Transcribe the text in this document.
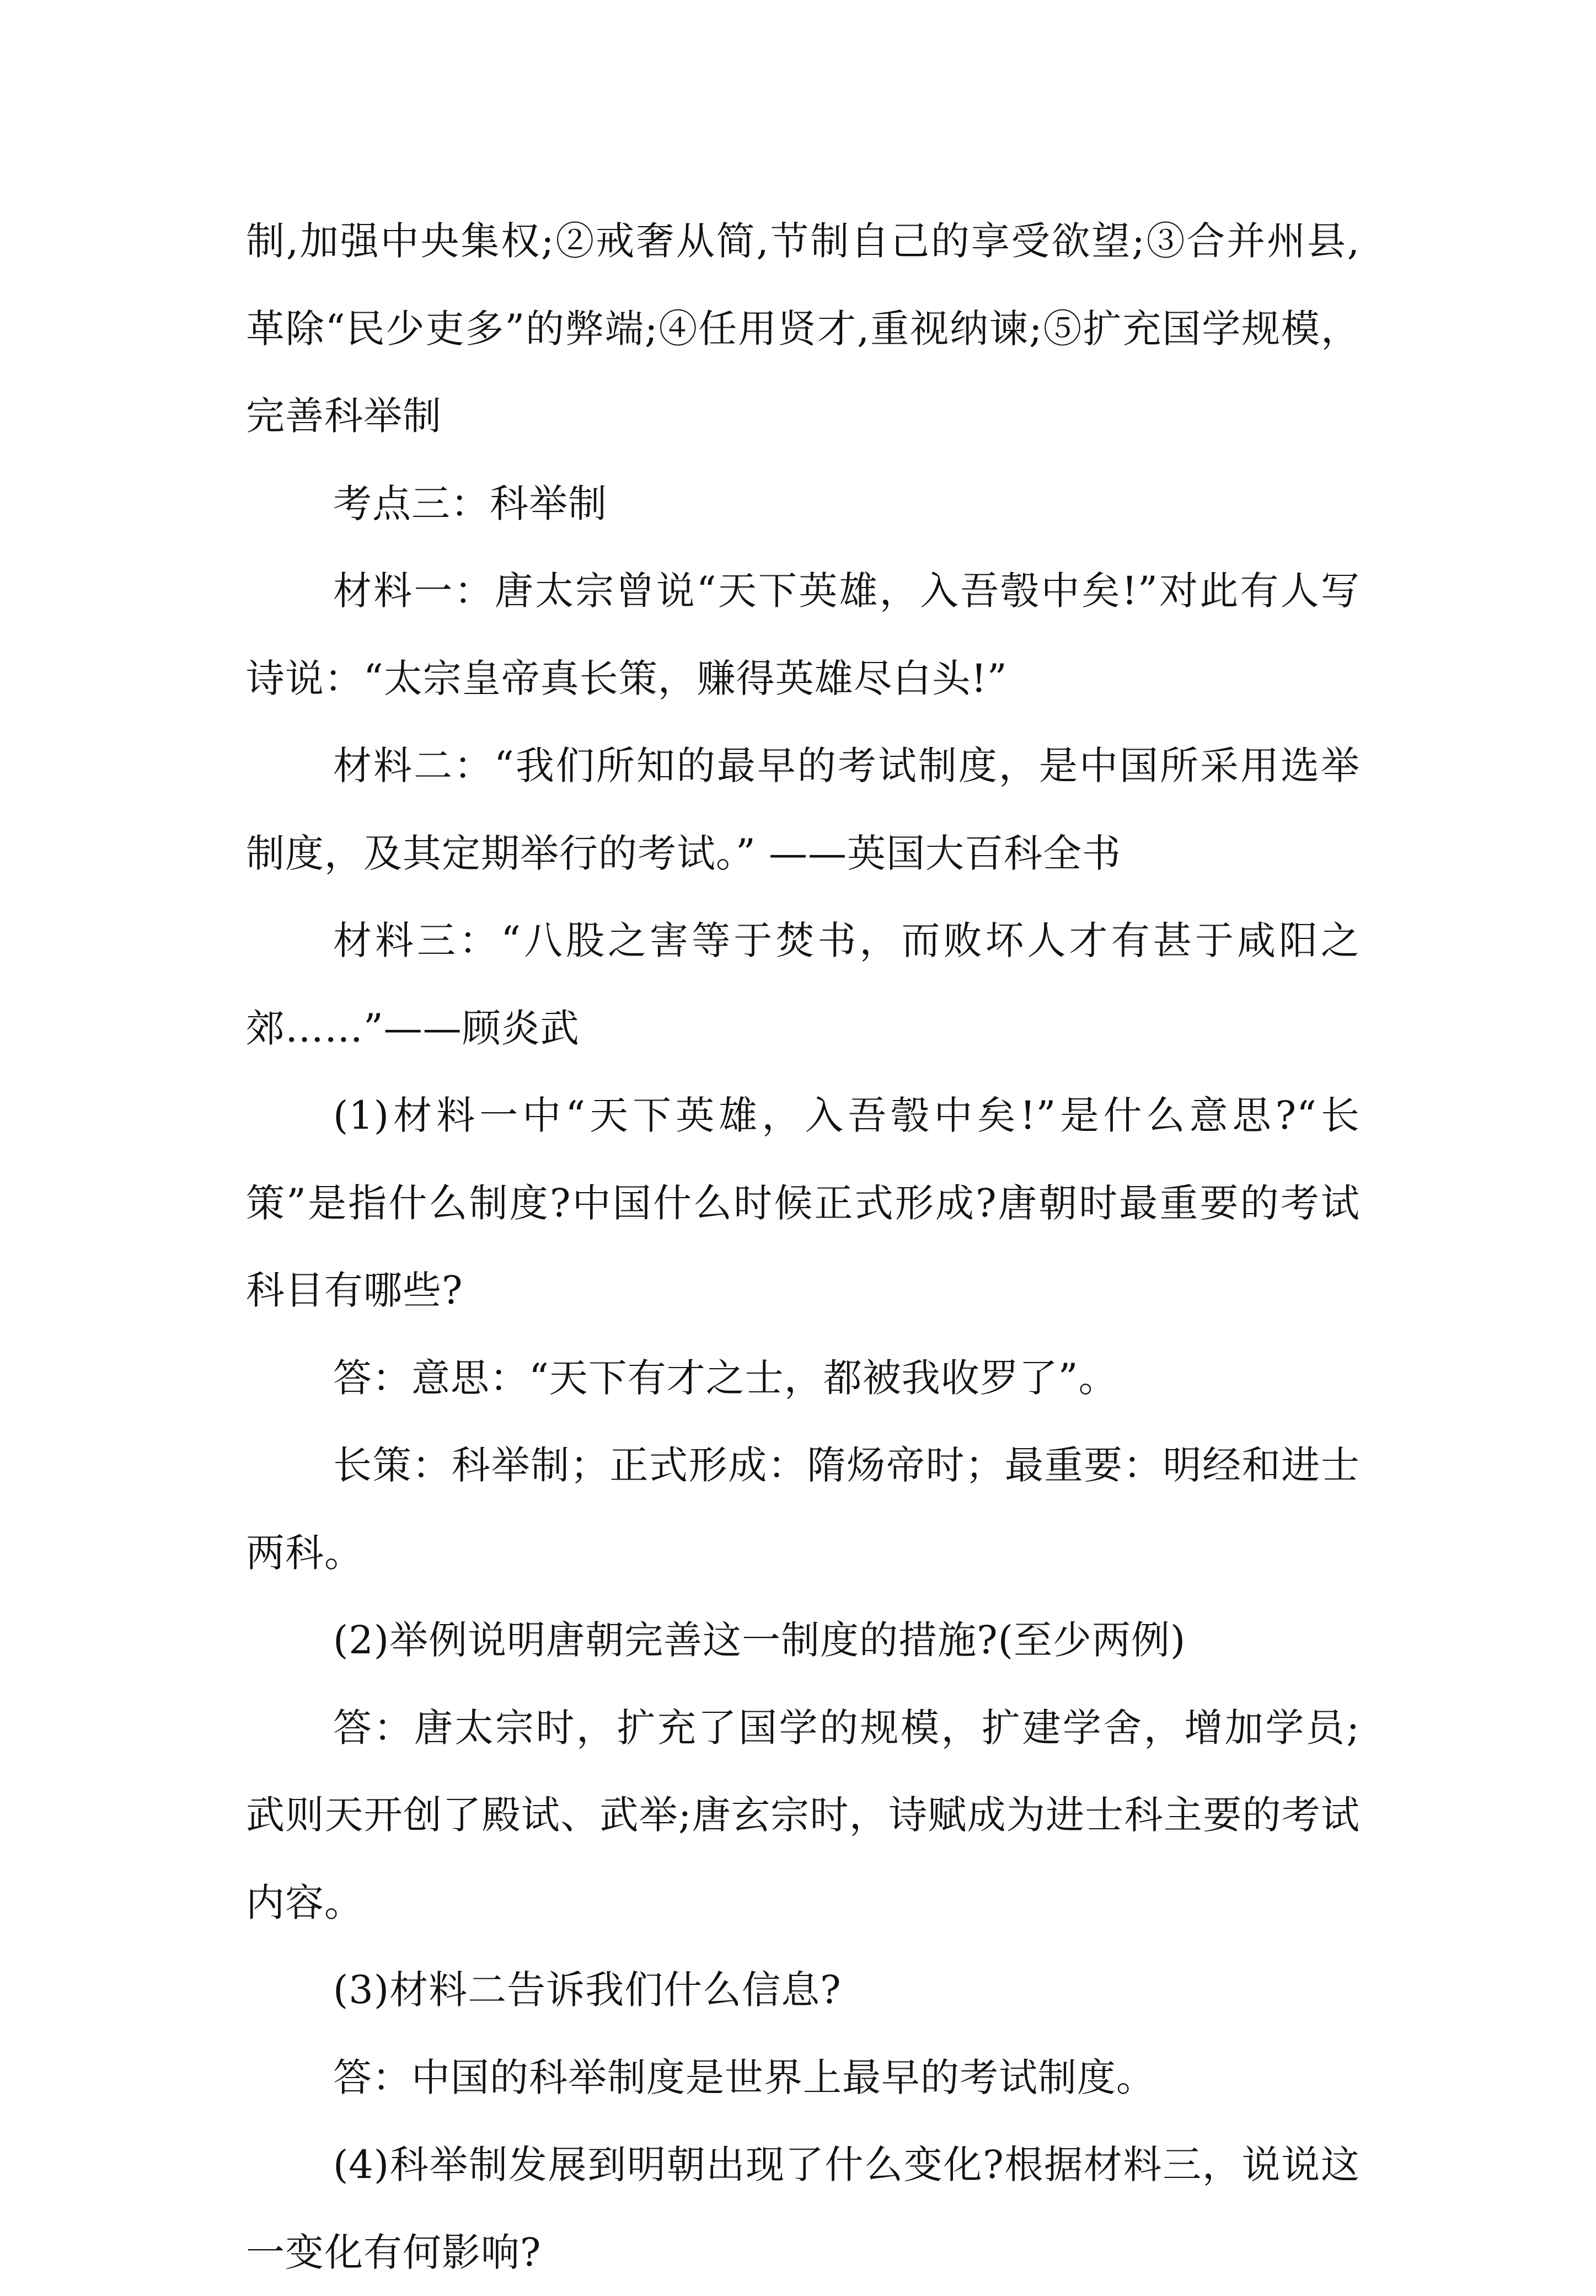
制,加强中央集权;②戒奢从简,节制自己的享受欲望;③合并州县,革除“民少吏多”的弊端;④任用贤才,重视纳谏;⑤扩充国学规模，完善科举制

考点三：科举制

材料一：唐太宗曾说“天下英雄，入吾彀中矣!”对此有人写诗说：“太宗皇帝真长策，赚得英雄尽白头!”

材料二：“我们所知的最早的考试制度，是中国所采用选举制度，及其定期举行的考试。” ——英国大百科全书

材料三：“八股之害等于焚书，而败坏人才有甚于咸阳之郊……”——顾炎武

(1)材料一中“天下英雄，入吾彀中矣!”是什么意思?“长策”是指什么制度?中国什么时候正式形成?唐朝时最重要的考试科目有哪些?

答：意思：“天下有才之士，都被我收罗了”。

长策：科举制；正式形成：隋炀帝时；最重要：明经和进士两科。

(2)举例说明唐朝完善这一制度的措施?(至少两例)

答：唐太宗时，扩充了国学的规模，扩建学舍，增加学员;武则天开创了殿试、武举;唐玄宗时，诗赋成为进士科主要的考试内容。

(3)材料二告诉我们什么信息?

答：中国的科举制度是世界上最早的考试制度。

(4)科举制发展到明朝出现了什么变化?根据材料三，说说这一变化有何影响?
